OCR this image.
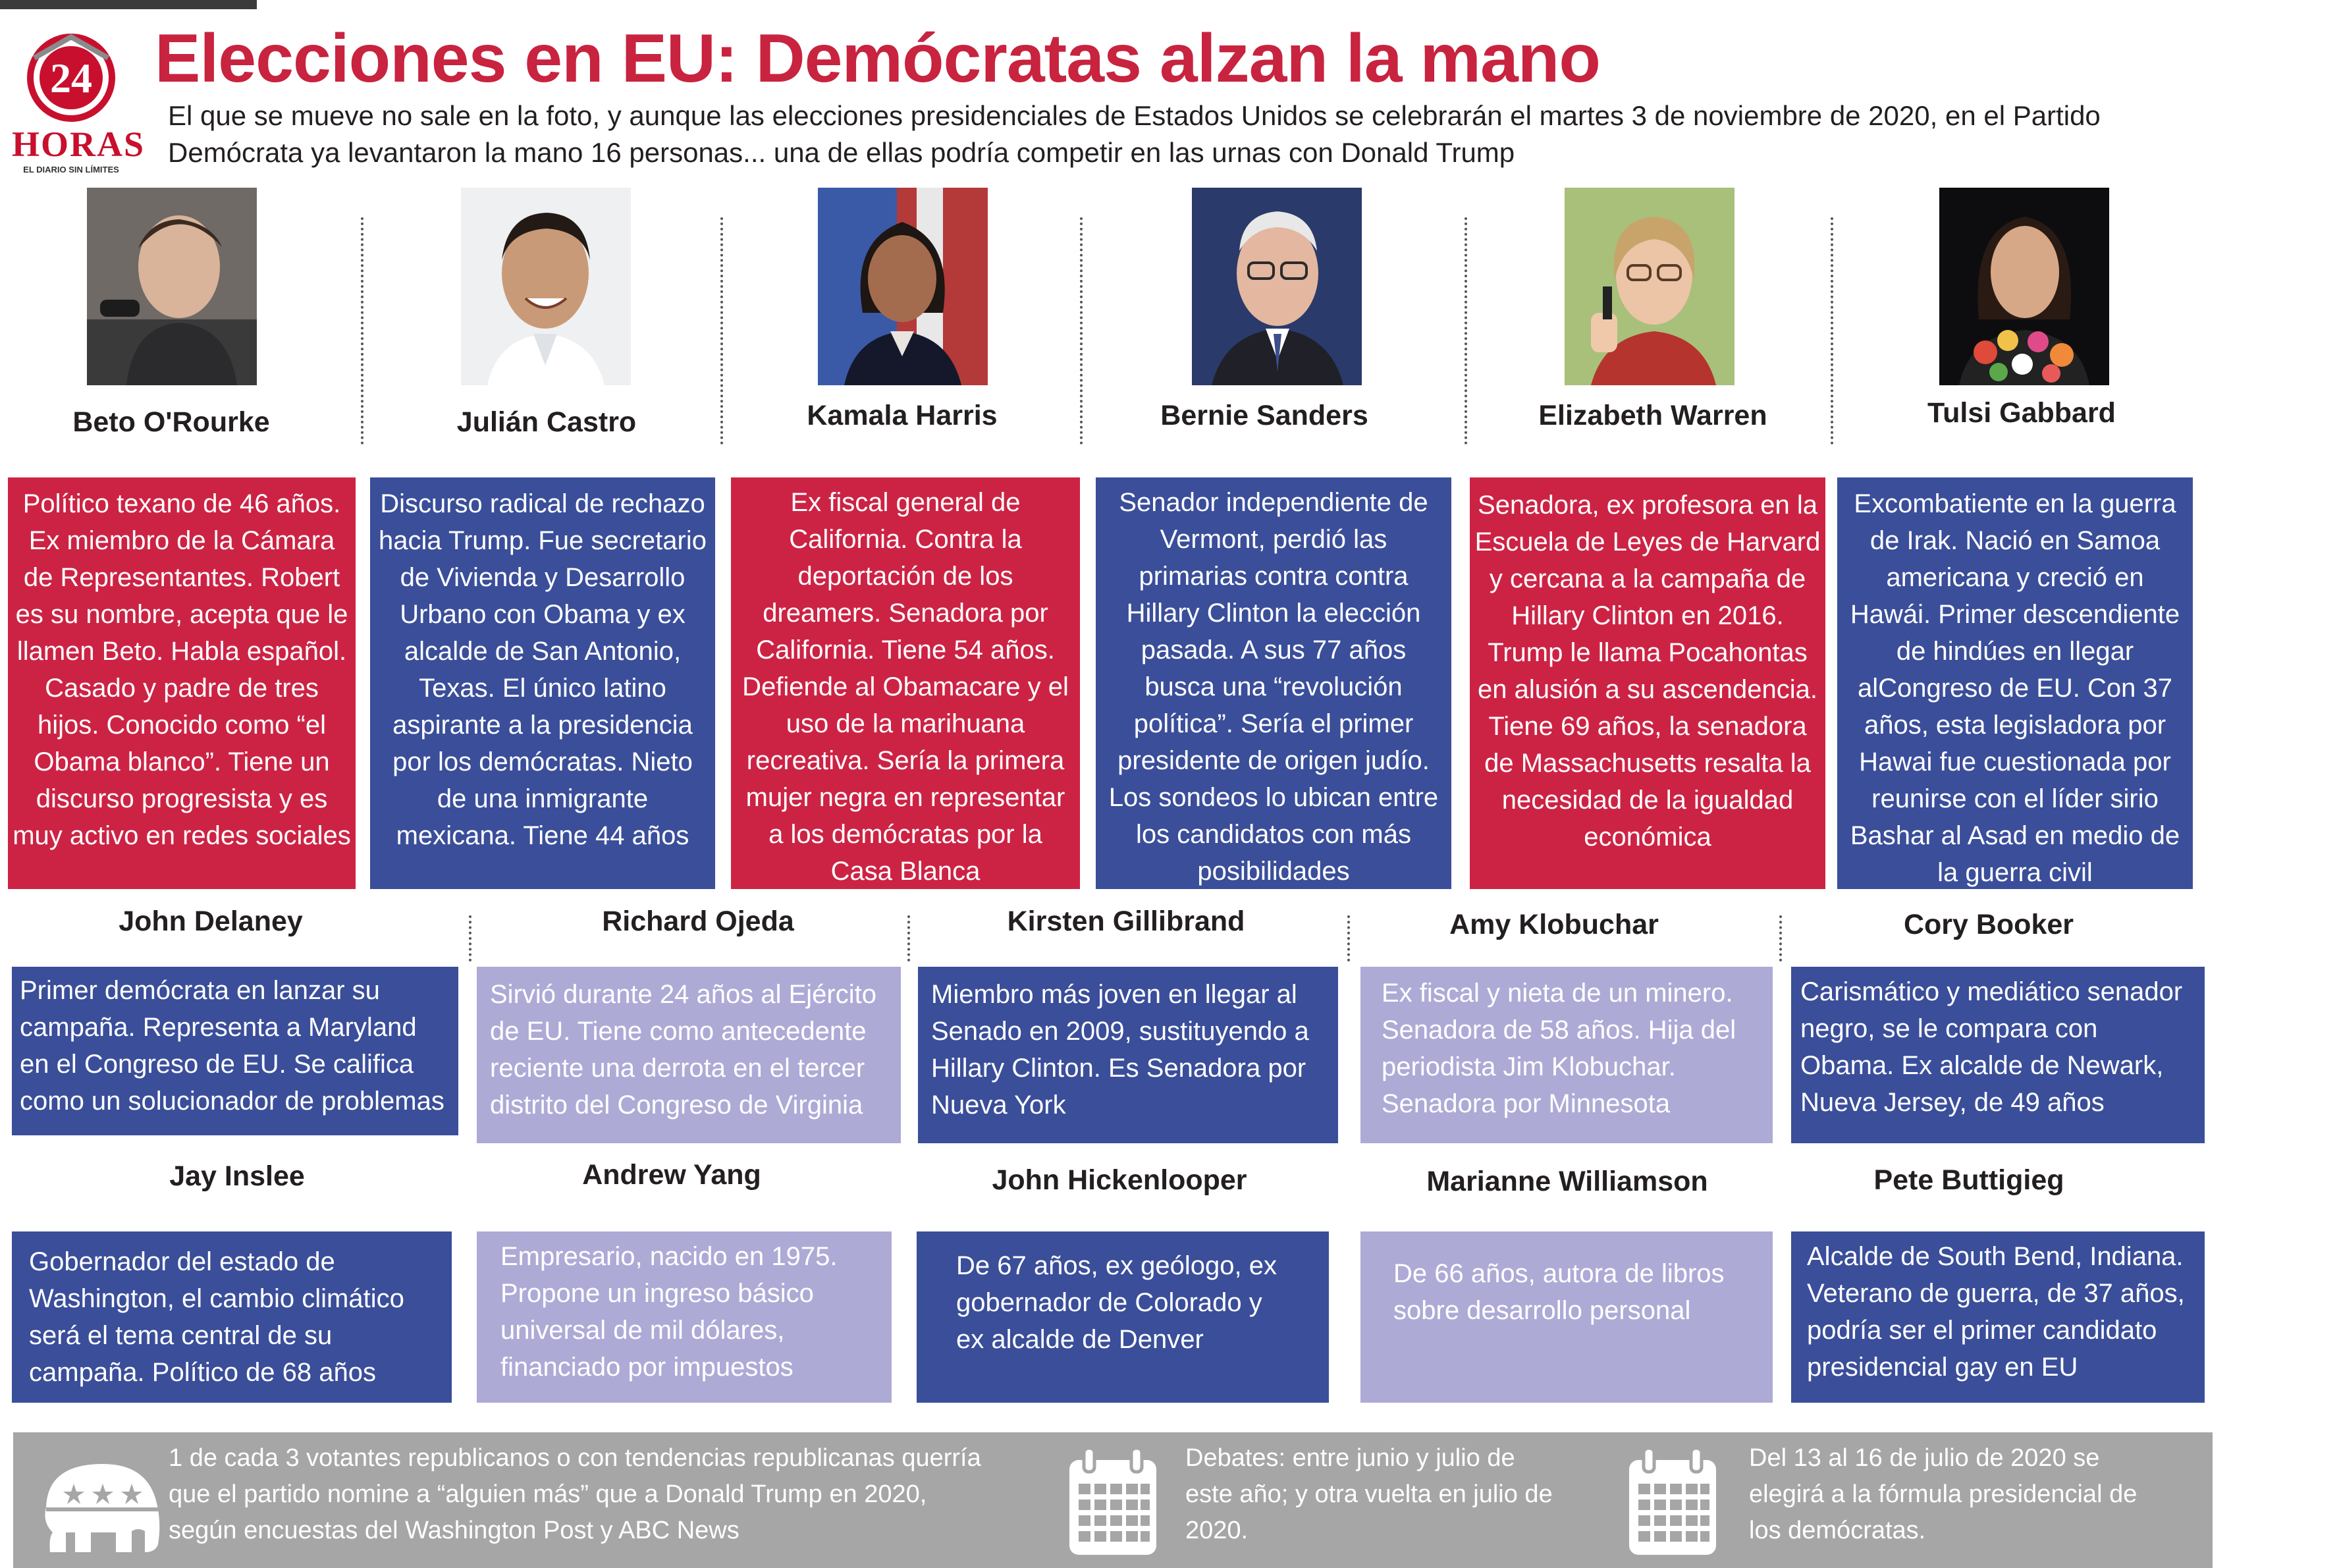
24
HORAS
EL DIARIO SIN LÍMITES
Elecciones en EU: Demócratas alzan la mano
El que se mueve no sale en la foto, y aunque las elecciones presidenciales de Estados Unidos se celebrarán el martes 3 de noviembre de 2020, en el Partido Demócrata ya levantaron la mano 16 personas... una de ellas podría competir en las urnas con Donald Trump
Beto O'Rourke	Julián Castro	Kamala Harris	Bernie Sanders	Elizabeth Warren	Tulsi Gabbard
Político texano de 46 años. Ex miembro de la Cámara de Representantes. Robert es su nombre, acepta que le llamen Beto. Habla español. Casado y padre de tres hijos. Conocido como “el Obama blanco”. Tiene un discurso progresista y es muy activo en redes sociales
Discurso radical de rechazo hacia Trump. Fue secretario de Vivienda y Desarrollo Urbano con Obama y ex alcalde de San Antonio, Texas. El único latino aspirante a la presidencia por los demócratas. Nieto de una inmigrante mexicana. Tiene 44 años
Ex fiscal general de California. Contra la deportación de los dreamers. Senadora por California. Tiene 54 años. Defiende al Obamacare y el uso de la marihuana recreativa. Sería la primera mujer negra en representar a los demócratas por la Casa Blanca
Senador independiente de Vermont, perdió las primarias contra contra Hillary Clinton la elección pasada. A sus 77 años busca una “revolución política”. Sería el primer presidente de origen judío. Los sondeos lo ubican entre los candidatos con más posibilidades
Senadora, ex profesora en la Escuela de Leyes de Harvard y cercana a la campaña de Hillary Clinton en 2016. Trump le llama Pocahontas en alusión a su ascendencia. Tiene 69 años, la senadora de Massachusetts resalta la necesidad de la igualdad económica
Excombatiente en la guerra de Irak. Nació en Samoa americana y creció en Hawái. Primer descendiente de hindúes en llegar alCongreso de EU. Con 37 años, esta legisladora por Hawai fue cuestionada por reunirse con el líder sirio Bashar al Asad en medio de la guerra civil
John Delaney	Richard Ojeda	Kirsten Gillibrand	Amy Klobuchar	Cory Booker
Primer demócrata en lanzar su campaña. Representa a Maryland en el Congreso de EU. Se califica como un solucionador de problemas
Sirvió durante 24 años al Ejército de EU. Tiene como antecedente reciente una derrota en el tercer distrito del Congreso de Virginia
Miembro más joven en llegar al Senado en 2009, sustituyendo a Hillary Clinton. Es Senadora por Nueva York
Ex fiscal y nieta de un minero. Senadora de 58 años. Hija del periodista Jim Klobuchar. Senadora por Minnesota
Carismático y mediático senador negro, se le compara con Obama. Ex alcalde de Newark, Nueva Jersey, de 49 años
Jay Inslee	Andrew Yang	John Hickenlooper	Marianne Williamson	Pete Buttigieg
Gobernador del estado de Washington, el cambio climático será el tema central de su campaña. Político de 68 años
Empresario, nacido en 1975. Propone un ingreso básico universal de mil dólares, financiado por impuestos
De 67 años, ex geólogo, ex gobernador de Colorado y ex alcalde de Denver
De 66 años, autora de libros sobre desarrollo personal
Alcalde de South Bend, Indiana. Veterano de guerra, de 37 años, podría ser el primer candidato presidencial gay en EU
1 de cada 3 votantes republicanos o con tendencias republicanas querría que el partido nomine a “alguien más” que a Donald Trump en 2020, según encuestas del Washington Post y ABC News
Debates: entre junio y julio de este año; y otra vuelta en julio de 2020.
Del 13 al 16 de julio de 2020 se elegirá a la fórmula presidencial de los demócratas.
